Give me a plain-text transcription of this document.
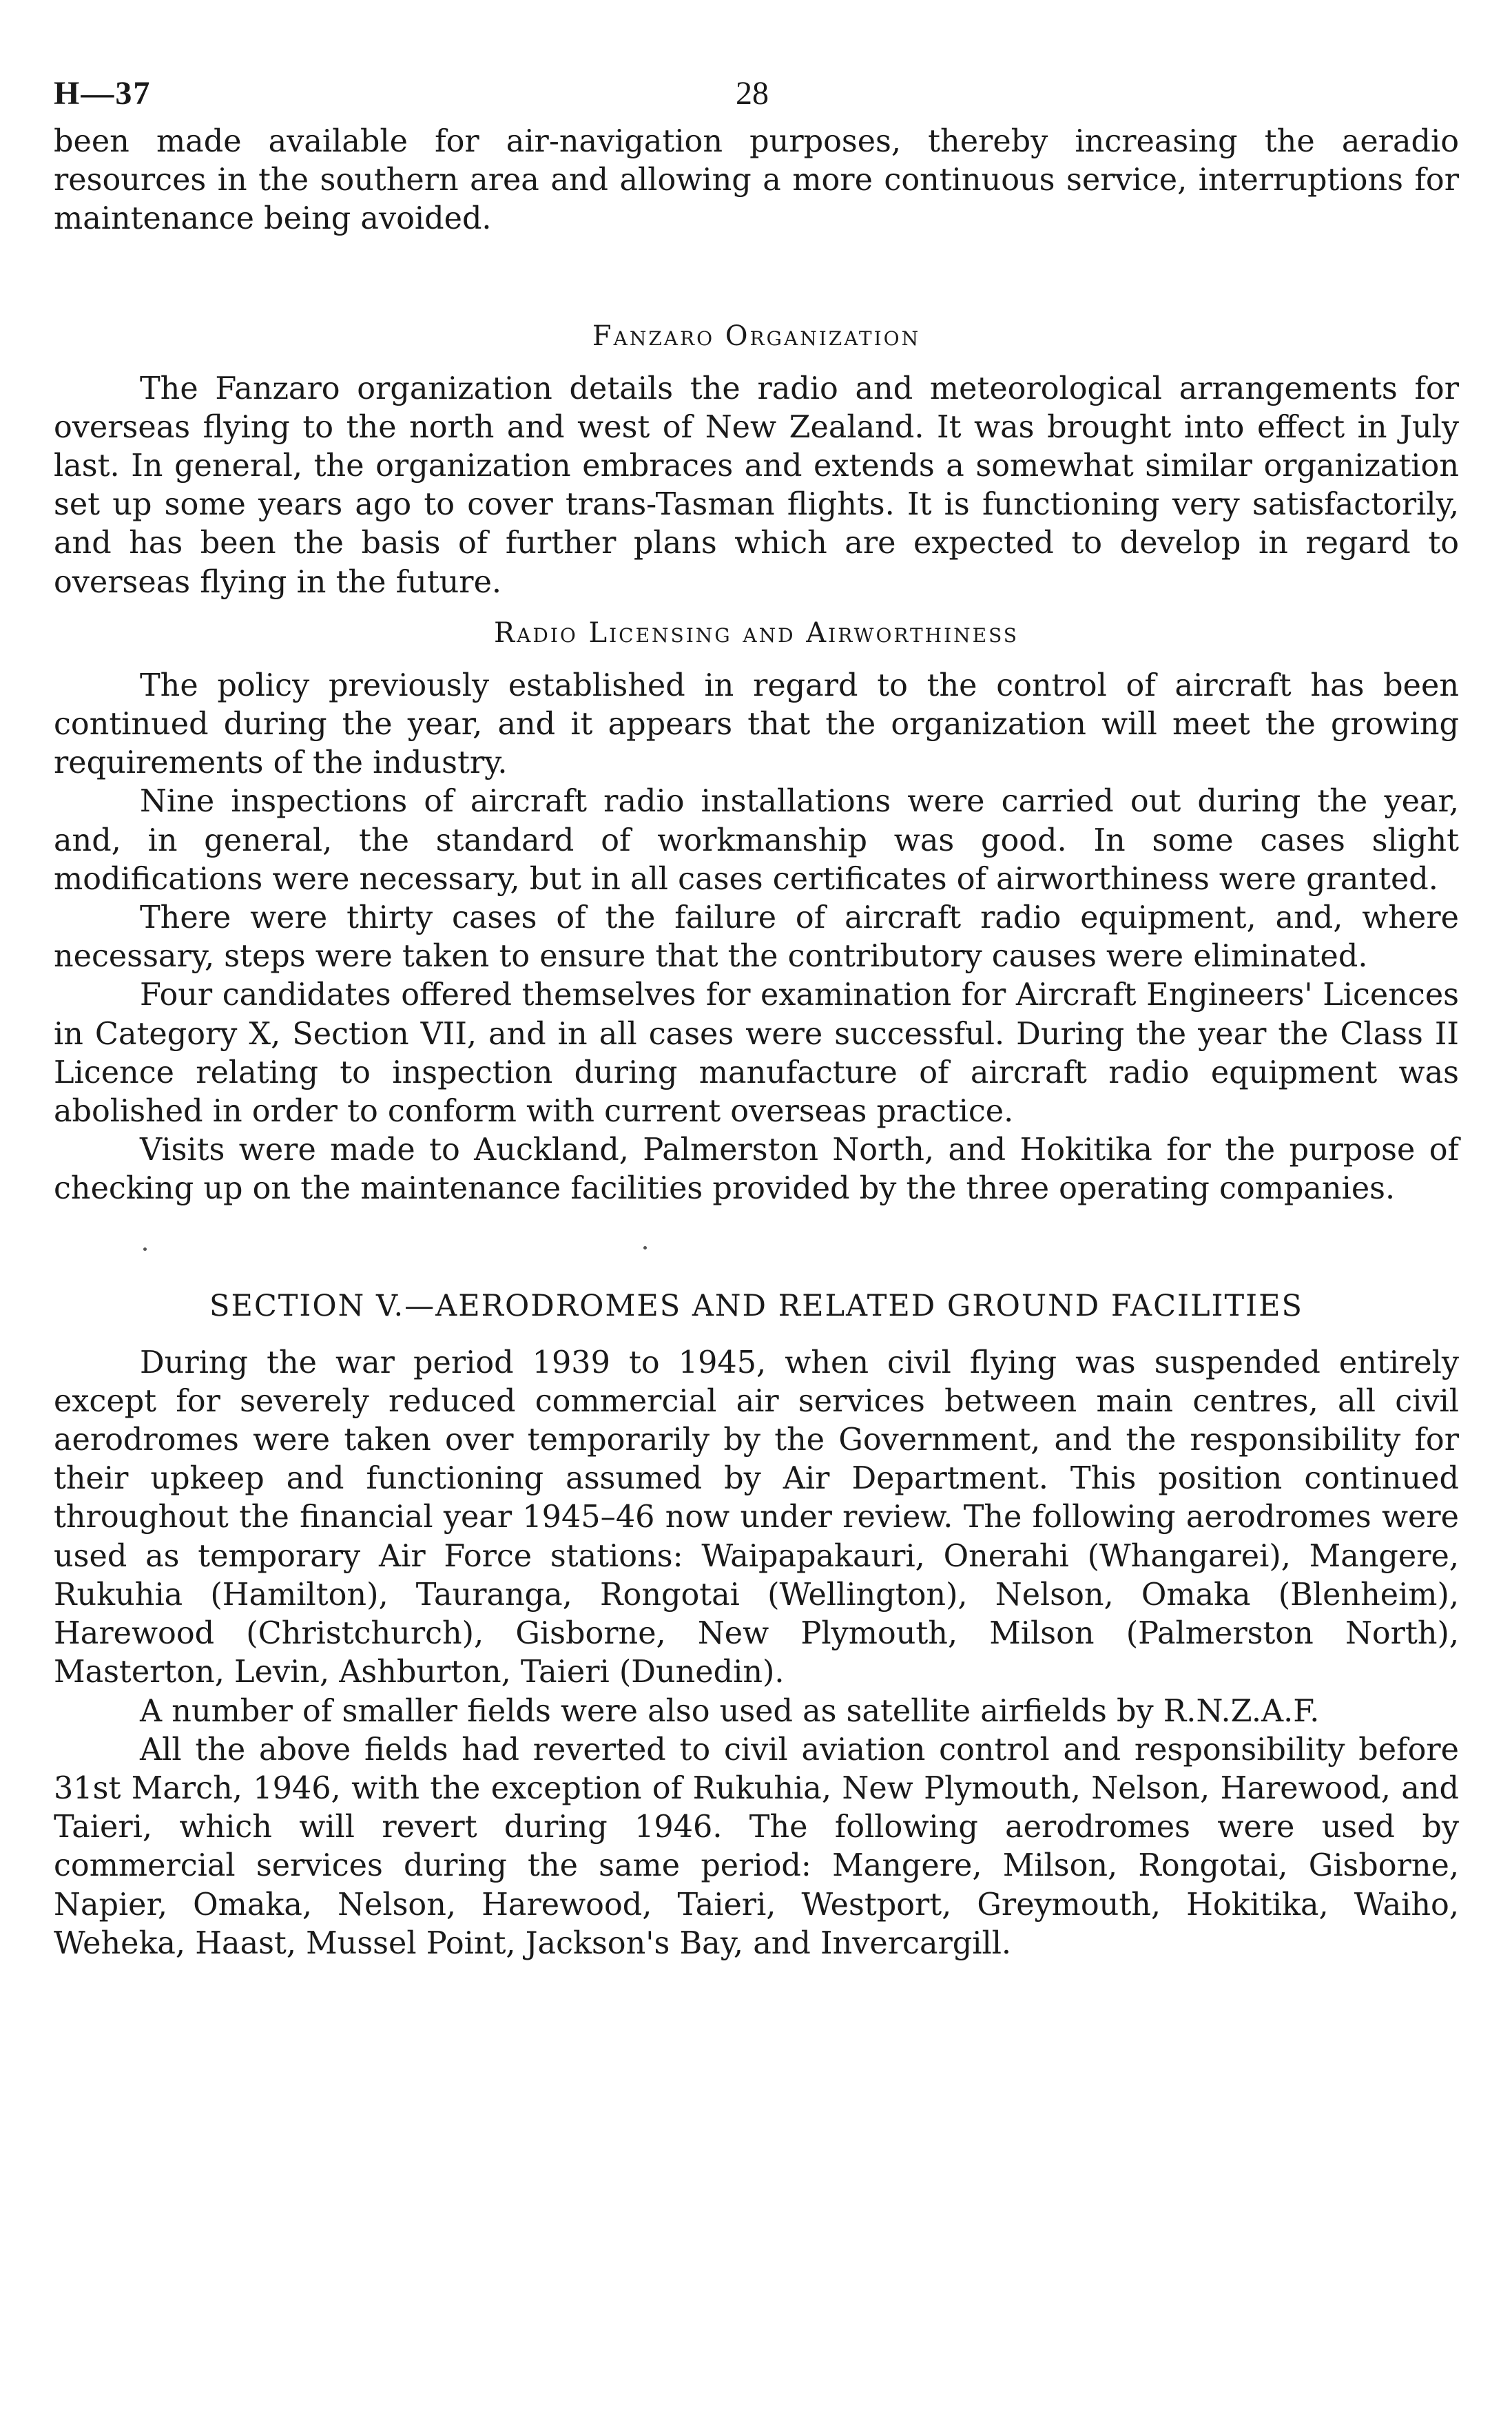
H—37	28

been made available for air-navigation purposes, thereby increasing the aeradio resources in the southern area and allowing a more continuous service, interruptions for maintenance being avoided.

Fanzaro Organization

The Fanzaro organization details the radio and meteorological arrangements for overseas flying to the north and west of New Zealand. It was brought into effect in July last. In general, the organization embraces and extends a somewhat similar organization set up some years ago to cover trans-Tasman flights. It is functioning very satisfactorily, and has been the basis of further plans which are expected to develop in regard to overseas flying in the future.

Radio Licensing and Airworthiness

The policy previously established in regard to the control of aircraft has been continued during the year, and it appears that the organization will meet the growing requirements of the industry.

Nine inspections of aircraft radio installations were carried out during the year, and, in general, the standard of workmanship was good. In some cases slight modifications were necessary, but in all cases certificates of airworthiness were granted.

There were thirty cases of the failure of aircraft radio equipment, and, where necessary, steps were taken to ensure that the contributory causes were eliminated.

Four candidates offered themselves for examination for Aircraft Engineers' Licences in Category X, Section VII, and in all cases were successful. During the year the Class II Licence relating to inspection during manufacture of aircraft radio equipment was abolished in order to conform with current overseas practice.

Visits were made to Auckland, Palmerston North, and Hokitika for the purpose of checking up on the maintenance facilities provided by the three operating companies.

SECTION V.—AERODROMES AND RELATED GROUND FACILITIES

During the war period 1939 to 1945, when civil flying was suspended entirely except for severely reduced commercial air services between main centres, all civil aerodromes were taken over temporarily by the Government, and the responsibility for their upkeep and functioning assumed by Air Department. This position continued throughout the financial year 1945–46 now under review. The following aerodromes were used as temporary Air Force stations: Waipapakauri, Onerahi (Whangarei), Mangere, Rukuhia (Hamilton), Tauranga, Rongotai (Wellington), Nelson, Omaka (Blenheim), Harewood (Christchurch), Gisborne, New Plymouth, Milson (Palmerston North), Masterton, Levin, Ashburton, Taieri (Dunedin).

A number of smaller fields were also used as satellite airfields by R.N.Z.A.F.

All the above fields had reverted to civil aviation control and responsibility before 31st March, 1946, with the exception of Rukuhia, New Plymouth, Nelson, Harewood, and Taieri, which will revert during 1946. The following aerodromes were used by commercial services during the same period: Mangere, Milson, Rongotai, Gisborne, Napier, Omaka, Nelson, Harewood, Taieri, Westport, Greymouth, Hokitika, Waiho, Weheka, Haast, Mussel Point, Jackson's Bay, and Invercargill.
